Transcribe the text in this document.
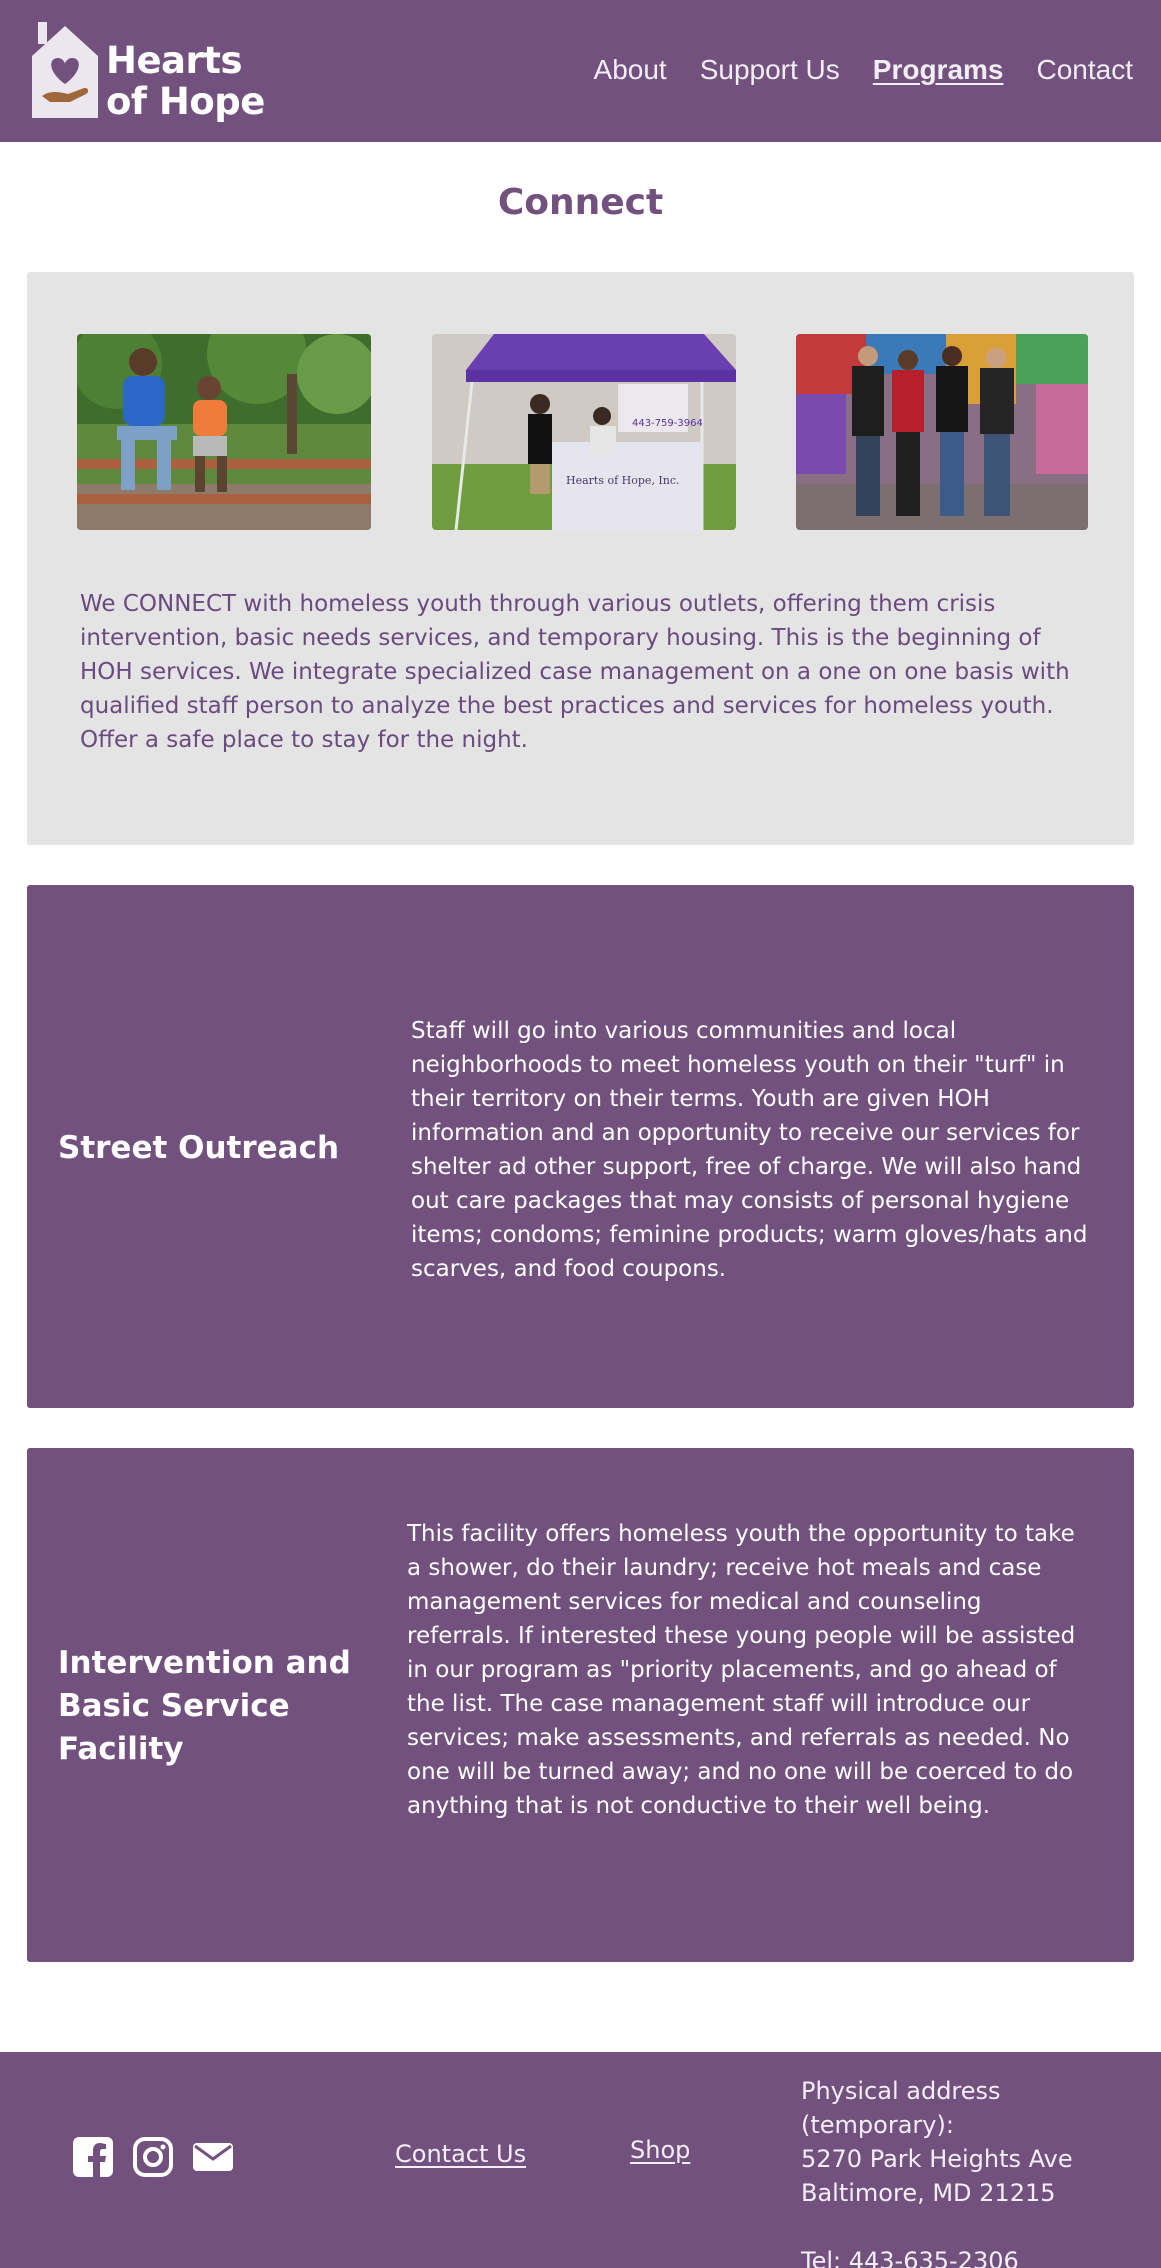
Hearts
of Hope
About Support Us Programs Contact
Connect
443-759-3964
Hearts of Hope, Inc.

We CONNECT with homeless youth through various outlets, offering them crisis intervention, basic needs services, and temporary housing. This is the beginning of HOH services. We integrate specialized case management on a one on one basis with qualified staff person to analyze the best practices and services for homeless youth. Offer a safe place to stay for the night.

Street Outreach

Staff will go into various communities and local neighborhoods to meet homeless youth on their "turf" in their territory on their terms. Youth are given HOH information and an opportunity to receive our services for shelter ad other support, free of charge. We will also hand out care packages that may consists of personal hygiene items; condoms; feminine products; warm gloves/hats and scarves, and food coupons.

Intervention and Basic Service Facility

This facility offers homeless youth the opportunity to take a shower, do their laundry; receive hot meals and case management services for medical and counseling referrals. If interested these young people will be assisted in our program as "priority placements, and go ahead of the list. The case management staff will introduce our services; make assessments, and referrals as needed. No one will be turned away; and no one will be coerced to do anything that is not conductive to their well being.

Contact Us	Shop
Physical address (temporary):
5270 Park Heights Ave
Baltimore, MD 21215
Tel: 443-635-2306
